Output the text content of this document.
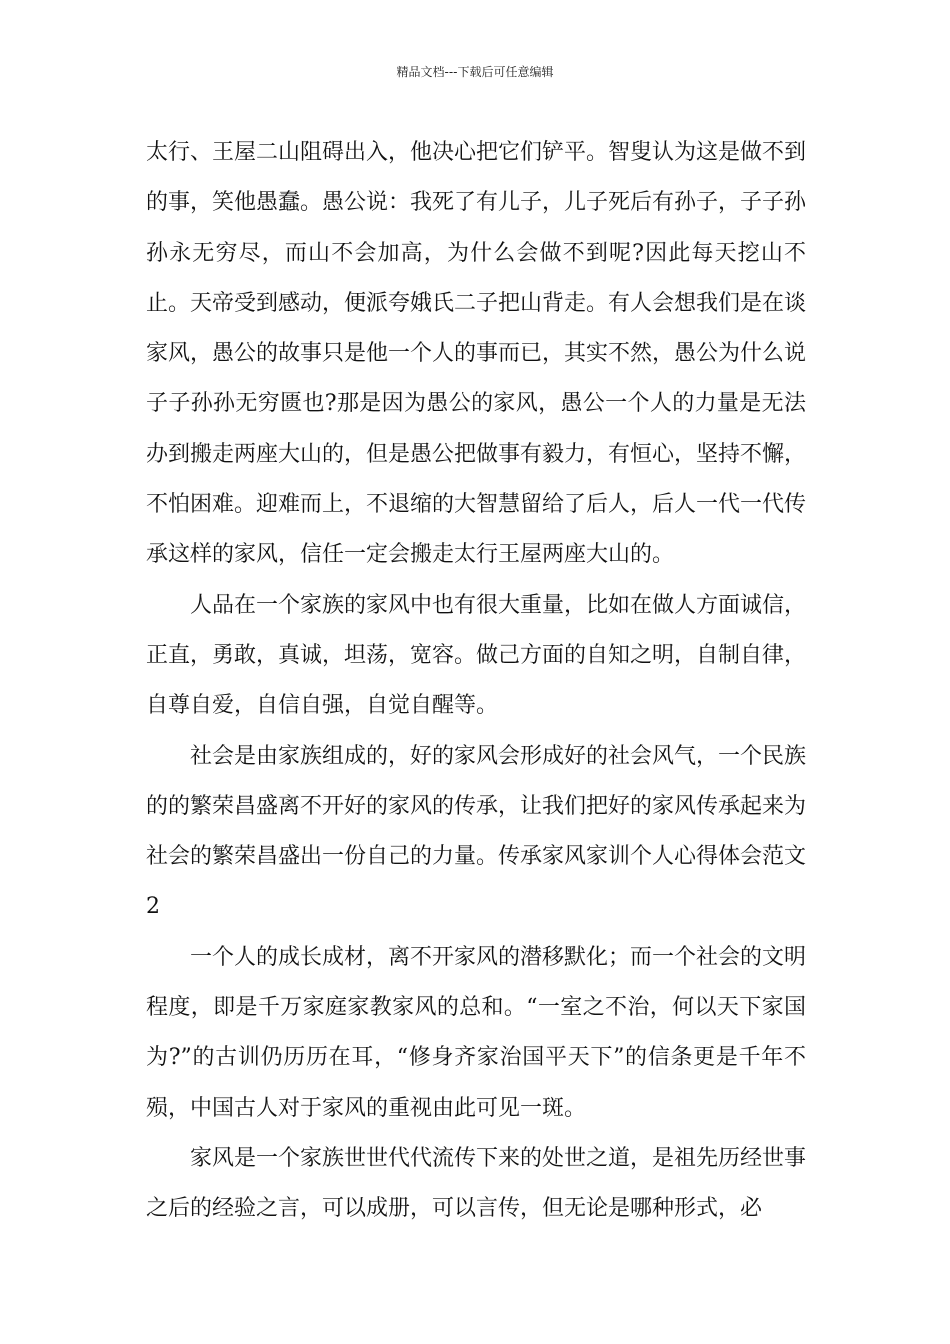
精品文档---下载后可任意编辑

太行、王屋二山阻碍出入，他决心把它们铲平。智叟认为这是做不到的事，笑他愚蠢。愚公说：我死了有儿子，儿子死后有孙子，子子孙孙永无穷尽，而山不会加高，为什么会做不到呢?因此每天挖山不止。天帝受到感动，便派夸娥氏二子把山背走。有人会想我们是在谈家风，愚公的故事只是他一个人的事而已，其实不然，愚公为什么说子子孙孙无穷匮也?那是因为愚公的家风，愚公一个人的力量是无法办到搬走两座大山的，但是愚公把做事有毅力，有恒心，坚持不懈，不怕困难。迎难而上，不退缩的大智慧留给了后人，后人一代一代传承这样的家风，信任一定会搬走太行王屋两座大山的。

人品在一个家族的家风中也有很大重量，比如在做人方面诚信，正直，勇敢，真诚，坦荡，宽容。做己方面的自知之明，自制自律，自尊自爱，自信自强，自觉自醒等。

社会是由家族组成的，好的家风会形成好的社会风气，一个民族的的繁荣昌盛离不开好的家风的传承，让我们把好的家风传承起来为社会的繁荣昌盛出一份自己的力量。传承家风家训个人心得体会范文2

一个人的成长成材，离不开家风的潜移默化；而一个社会的文明程度，即是千万家庭家教家风的总和。“一室之不治，何以天下家国为?”的古训仍历历在耳，“修身齐家治国平天下”的信条更是千年不殒，中国古人对于家风的重视由此可见一斑。

家风是一个家族世世代代流传下来的处世之道，是祖先历经世事之后的经验之言，可以成册，可以言传，但无论是哪种形式，必
